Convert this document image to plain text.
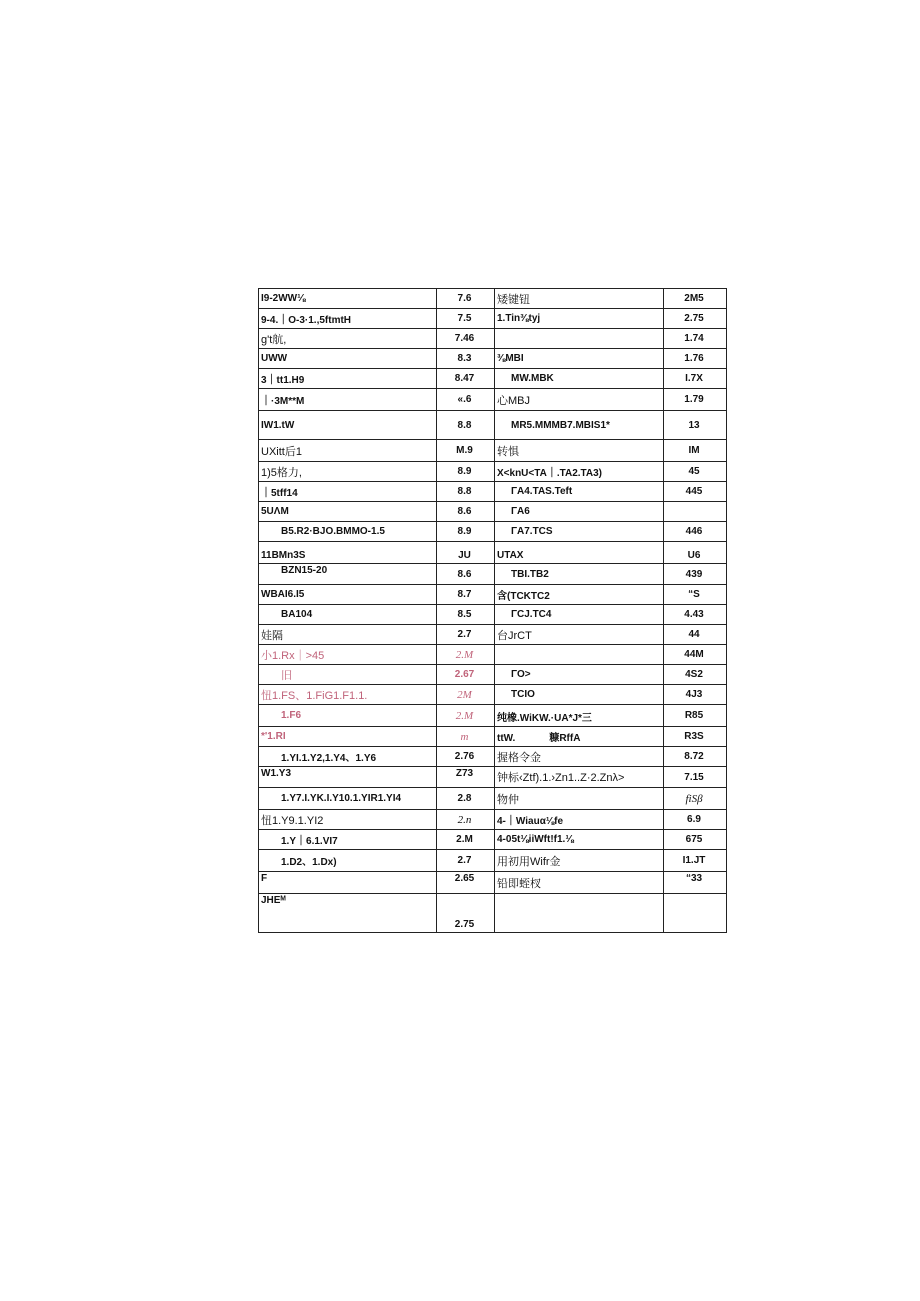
I9-2WW⅛	7.6	矮键钮	2M5
9-4.｜O-3·1.,5ftmtH	7.5	1.Tin⅜tyj	2.75
g't航,	7.46		1.74
UWW	8.3	⅜MBI	1.76
3｜tt1.H9	8.47	MW.MBK	I.7X
｜·3M**M	«.6	心MBJ	1.79
IW1.tW	8.8	MR5.MMMB7.MBIS1*	13
UXitt后1	M.9	转惧	IM
1)5格力,	8.9	X<knU<TA｜.TA2.TA3)	45
｜5tff14	8.8	ΓA4.TAS.Teft	445
5UΛM	8.6	ΓA6	
B5.R2·BJO.BMMO-1.5	8.9	ΓA7.TCS	446
11BMn3S	JU	UTAX	U6
BZN15-20	8.6	TBI.TB2	439
WBAI6.I5	8.7	含(TCKTC2	“S
BA104	8.5	ΓCJ.TC4	4.43
娃隔	2.7	台JrCT	44
小1.Rx｜>45	2.M		44M
旧	2.67	ΓO>	4S2
忸1.FS、1.FiG1.F1.1.	2M	TCIO	4J3
1.F6	2.M	纯橡.WiKW.·UA*J*三	R85
*'1.RI	m	ttW. 糠RffA	R3S
1.YI.1.Y2,1.Y4、1.Y6	2.76	握格令金	8.72
W1.Y3	Z73	钟标‹Ztf).1.›Zn1..Z·2.Znλ>	7.15
1.Y7.I.YK.I.Y10.1.YIR1.YI4	2.8	物仲	fiSβ
忸1.Y9.1.YI2	2.n	4-｜Wiauα⅛fe	6.9
1.Y｜6.1.VI7	2.M	4-05t⅛iiWft!f1.⅛	675
1.D2、1.Dx)	2.7	用初用Wifr金	I1.JT
F	2.65	铅即蛭杈	“33
JHEᴹ	2.75		
